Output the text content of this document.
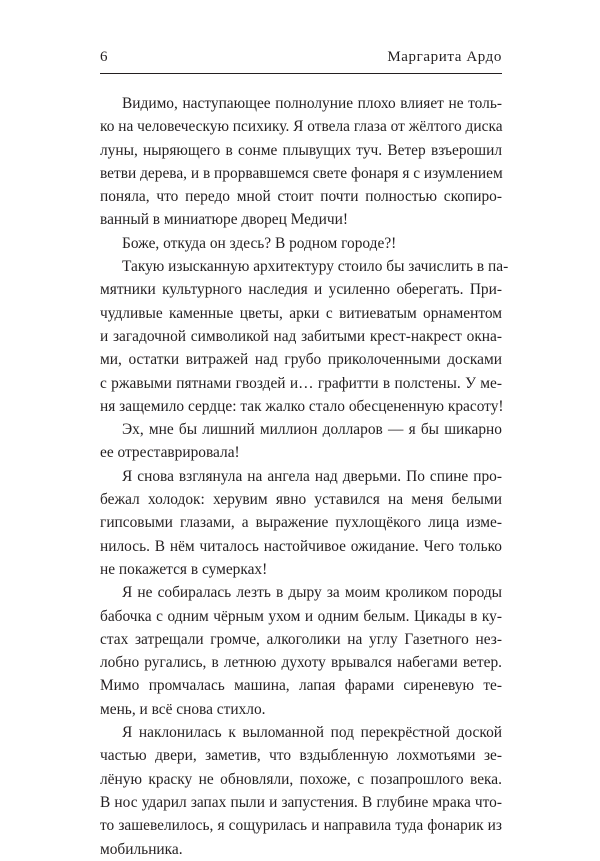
6	Маргарита Ардо
Видимо, наступающее полнолуние плохо влияет не толь-
ко на человеческую психику. Я отвела глаза от жёлтого диска
луны, ныряющего в сонме плывущих туч. Ветер взъерошил
ветви дерева, и в прорвавшемся свете фонаря я с изумлением
поняла, что передо мной стоит почти полностью скопиро-
ванный в миниатюре дворец Медичи!
Боже, откуда он здесь? В родном городе?!
Такую изысканную архитектуру стоило бы зачислить в па-
мятники культурного наследия и усиленно оберегать. При-
чудливые каменные цветы, арки с витиеватым орнаментом
и загадочной символикой над забитыми крест-накрест окна-
ми, остатки витражей над грубо приколоченными досками
с ржавыми пятнами гвоздей и… графитти в полстены. У ме-
ня защемило сердце: так жалко стало обесцененную красоту!
Эх, мне бы лишний миллион долларов — я бы шикарно
ее отреставрировала!
Я снова взглянула на ангела над дверьми. По спине про-
бежал холодок: херувим явно уставился на меня белыми
гипсовыми глазами, а выражение пухлощёкого лица изме-
нилось. В нём читалось настойчивое ожидание. Чего только
не покажется в сумерках!
Я не собиралась лезть в дыру за моим кроликом породы
бабочка с одним чёрным ухом и одним белым. Цикады в ку-
стах затрещали громче, алкоголики на углу Газетного нез-
лобно ругались, в летнюю духоту врывался набегами ветер.
Мимо промчалась машина, лапая фарами сиреневую те-
мень, и всё снова стихло.
Я наклонилась к выломанной под перекрёстной доской
частью двери, заметив, что вздыбленную лохмотьями зе-
лёную краску не обновляли, похоже, с позапрошлого века.
В нос ударил запах пыли и запустения. В глубине мрака что-
то зашевелилось, я сощурилась и направила туда фонарик из
мобильника.
